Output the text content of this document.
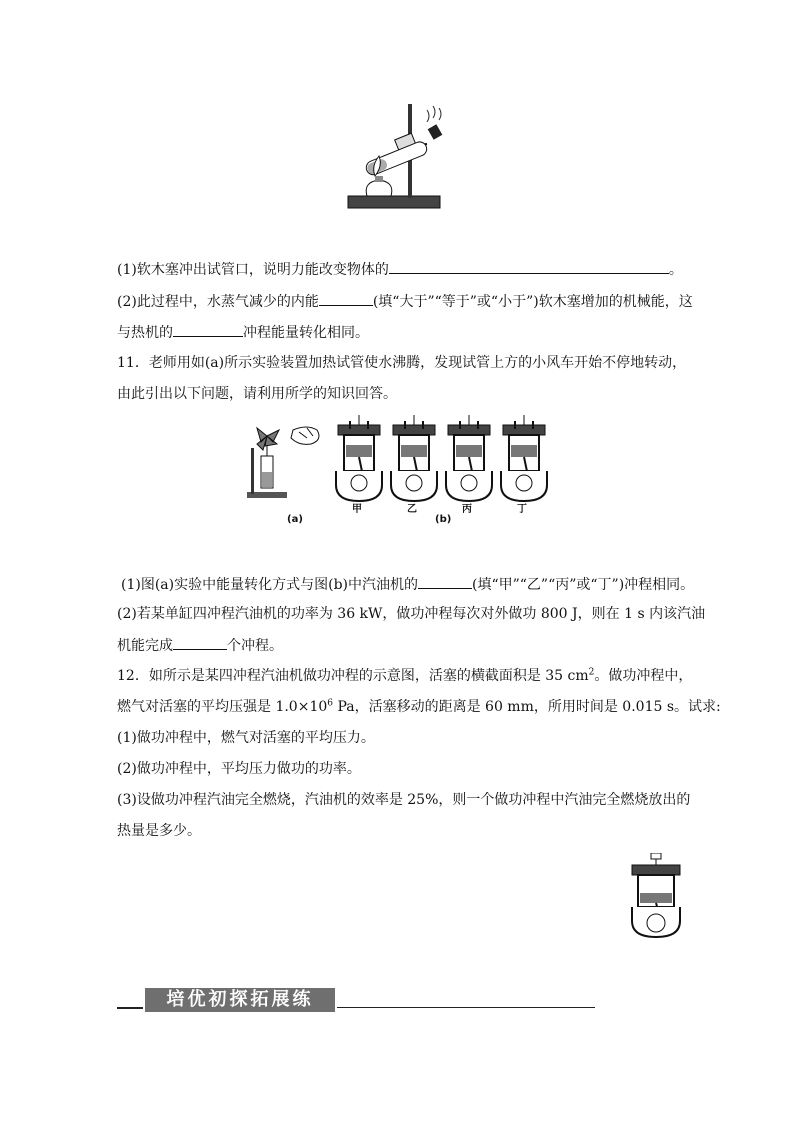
(1)软木塞冲出试管口，说明力能改变物体的	。
(2)此过程中，水蒸气减少的内能	(填“大于”“等于”或“小于”)软木塞增加的机械能，这
与热机的	冲程能量转化相同。
11．老师用如(a)所示实验装置加热试管使水沸腾，发现试管上方的小风车开始不停地转动，
由此引出以下问题，请利用所学的知识回答。
(a)
甲	乙
(b)
丙	丁
(1)图(a)实验中能量转化方式与图(b)中汽油机的	(填“甲”“乙”“丙”或“丁”)冲程相同。
(2)若某单缸四冲程汽油机的功率为 36 kW，做功冲程每次对外做功 800 J，则在 1 s 内该汽油
机能完成	个冲程。
12．如所示是某四冲程汽油机做功冲程的示意图，活塞的横截面积是 35 $cm^2$。做功冲程中，
燃气对活塞的平均压强是 $1.0\times 10^6$ Pa，活塞移动的距离是 60 mm，所用时间是 0.015 s。试求:
(1)做功冲程中，燃气对活塞的平均压力。
(2)做功冲程中，平均压力做功的功率。
(3)设做功冲程汽油完全燃烧，汽油机的效率是 25%，则一个做功冲程中汽油完全燃烧放出的
热量是多少。
培优初探拓展练
